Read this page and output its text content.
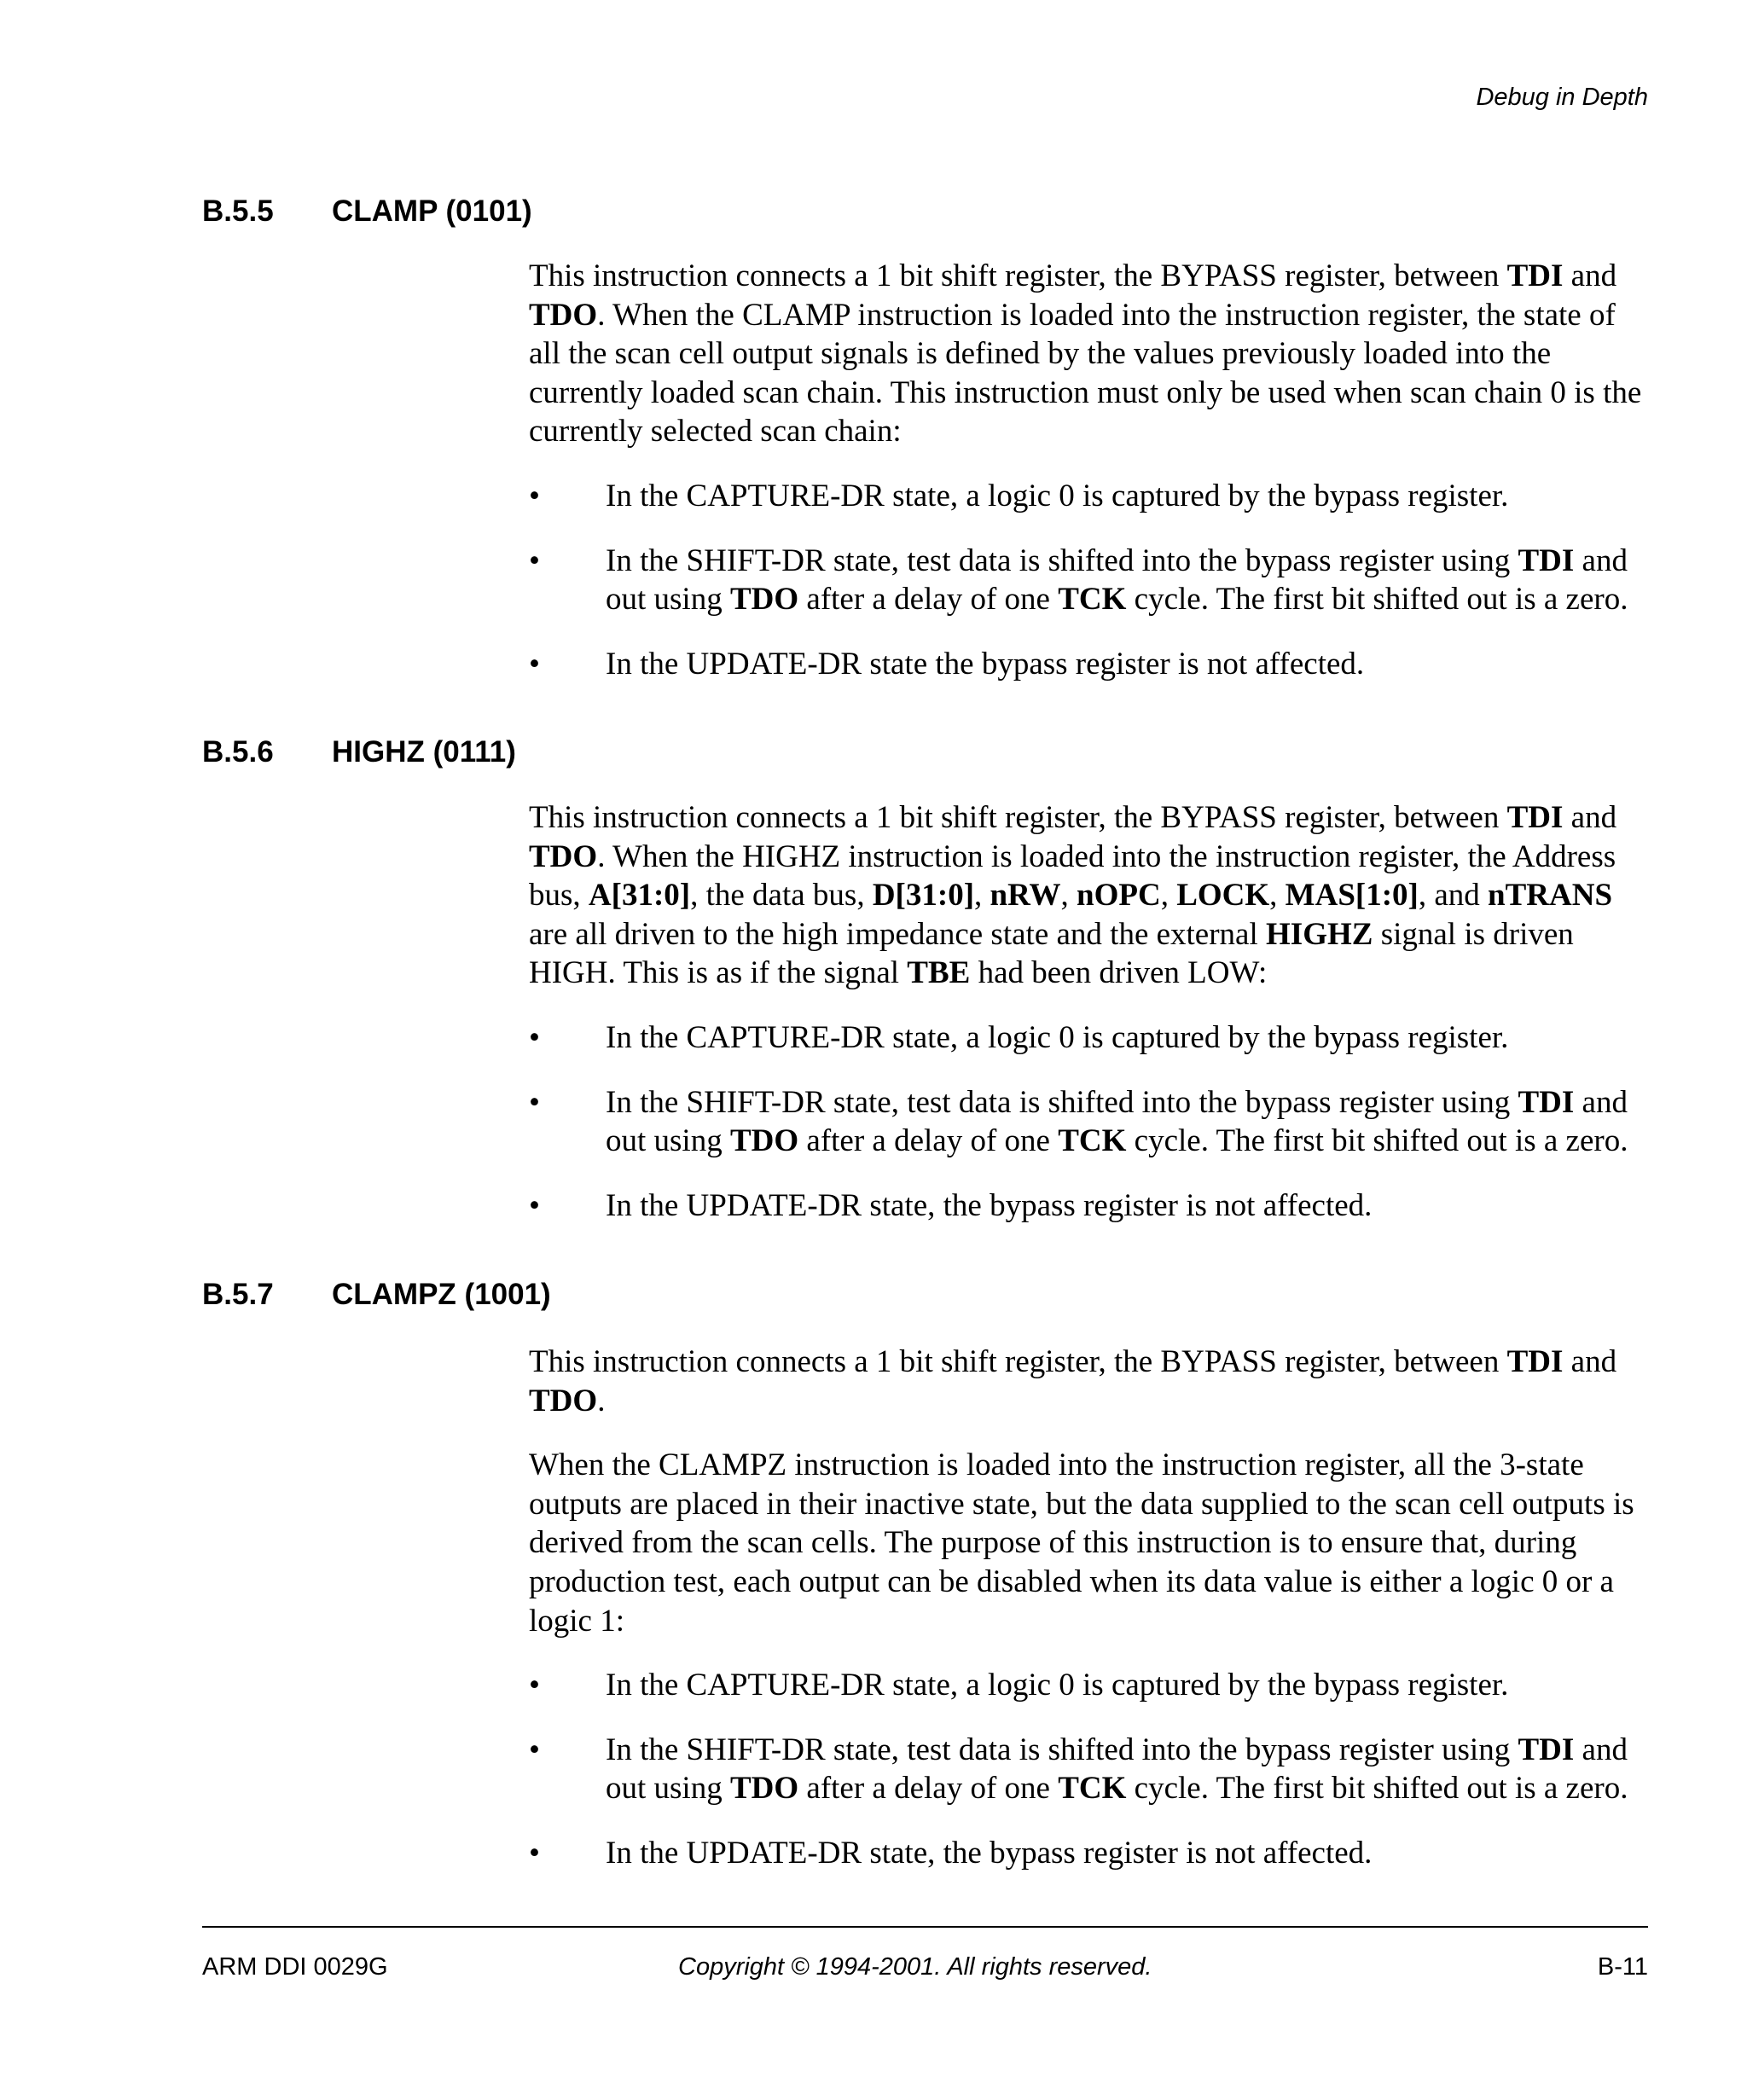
Debug in Depth
B.5.5 CLAMP (0101)

This instruction connects a 1 bit shift register, the BYPASS register, between TDI and TDO. When the CLAMP instruction is loaded into the instruction register, the state of all the scan cell output signals is defined by the values previously loaded into the currently loaded scan chain. This instruction must only be used when scan chain 0 is the currently selected scan chain:

• In the CAPTURE-DR state, a logic 0 is captured by the bypass register.
• In the SHIFT-DR state, test data is shifted into the bypass register using TDI and out using TDO after a delay of one TCK cycle. The first bit shifted out is a zero.
• In the UPDATE-DR state the bypass register is not affected.
B.5.6 HIGHZ (0111)

This instruction connects a 1 bit shift register, the BYPASS register, between TDI and TDO. When the HIGHZ instruction is loaded into the instruction register, the Address bus, A[31:0], the data bus, D[31:0], nRW, nOPC, LOCK, MAS[1:0], and nTRANS are all driven to the high impedance state and the external HIGHZ signal is driven HIGH. This is as if the signal TBE had been driven LOW:

• In the CAPTURE-DR state, a logic 0 is captured by the bypass register.
• In the SHIFT-DR state, test data is shifted into the bypass register using TDI and out using TDO after a delay of one TCK cycle. The first bit shifted out is a zero.
• In the UPDATE-DR state, the bypass register is not affected.
B.5.7 CLAMPZ (1001)

This instruction connects a 1 bit shift register, the BYPASS register, between TDI and TDO.

When the CLAMPZ instruction is loaded into the instruction register, all the 3-state outputs are placed in their inactive state, but the data supplied to the scan cell outputs is derived from the scan cells. The purpose of this instruction is to ensure that, during production test, each output can be disabled when its data value is either a logic 0 or a logic 1:

• In the CAPTURE-DR state, a logic 0 is captured by the bypass register.
• In the SHIFT-DR state, test data is shifted into the bypass register using TDI and out using TDO after a delay of one TCK cycle. The first bit shifted out is a zero.
• In the UPDATE-DR state, the bypass register is not affected.
ARM DDI 0029G	Copyright © 1994-2001. All rights reserved.	B-11
